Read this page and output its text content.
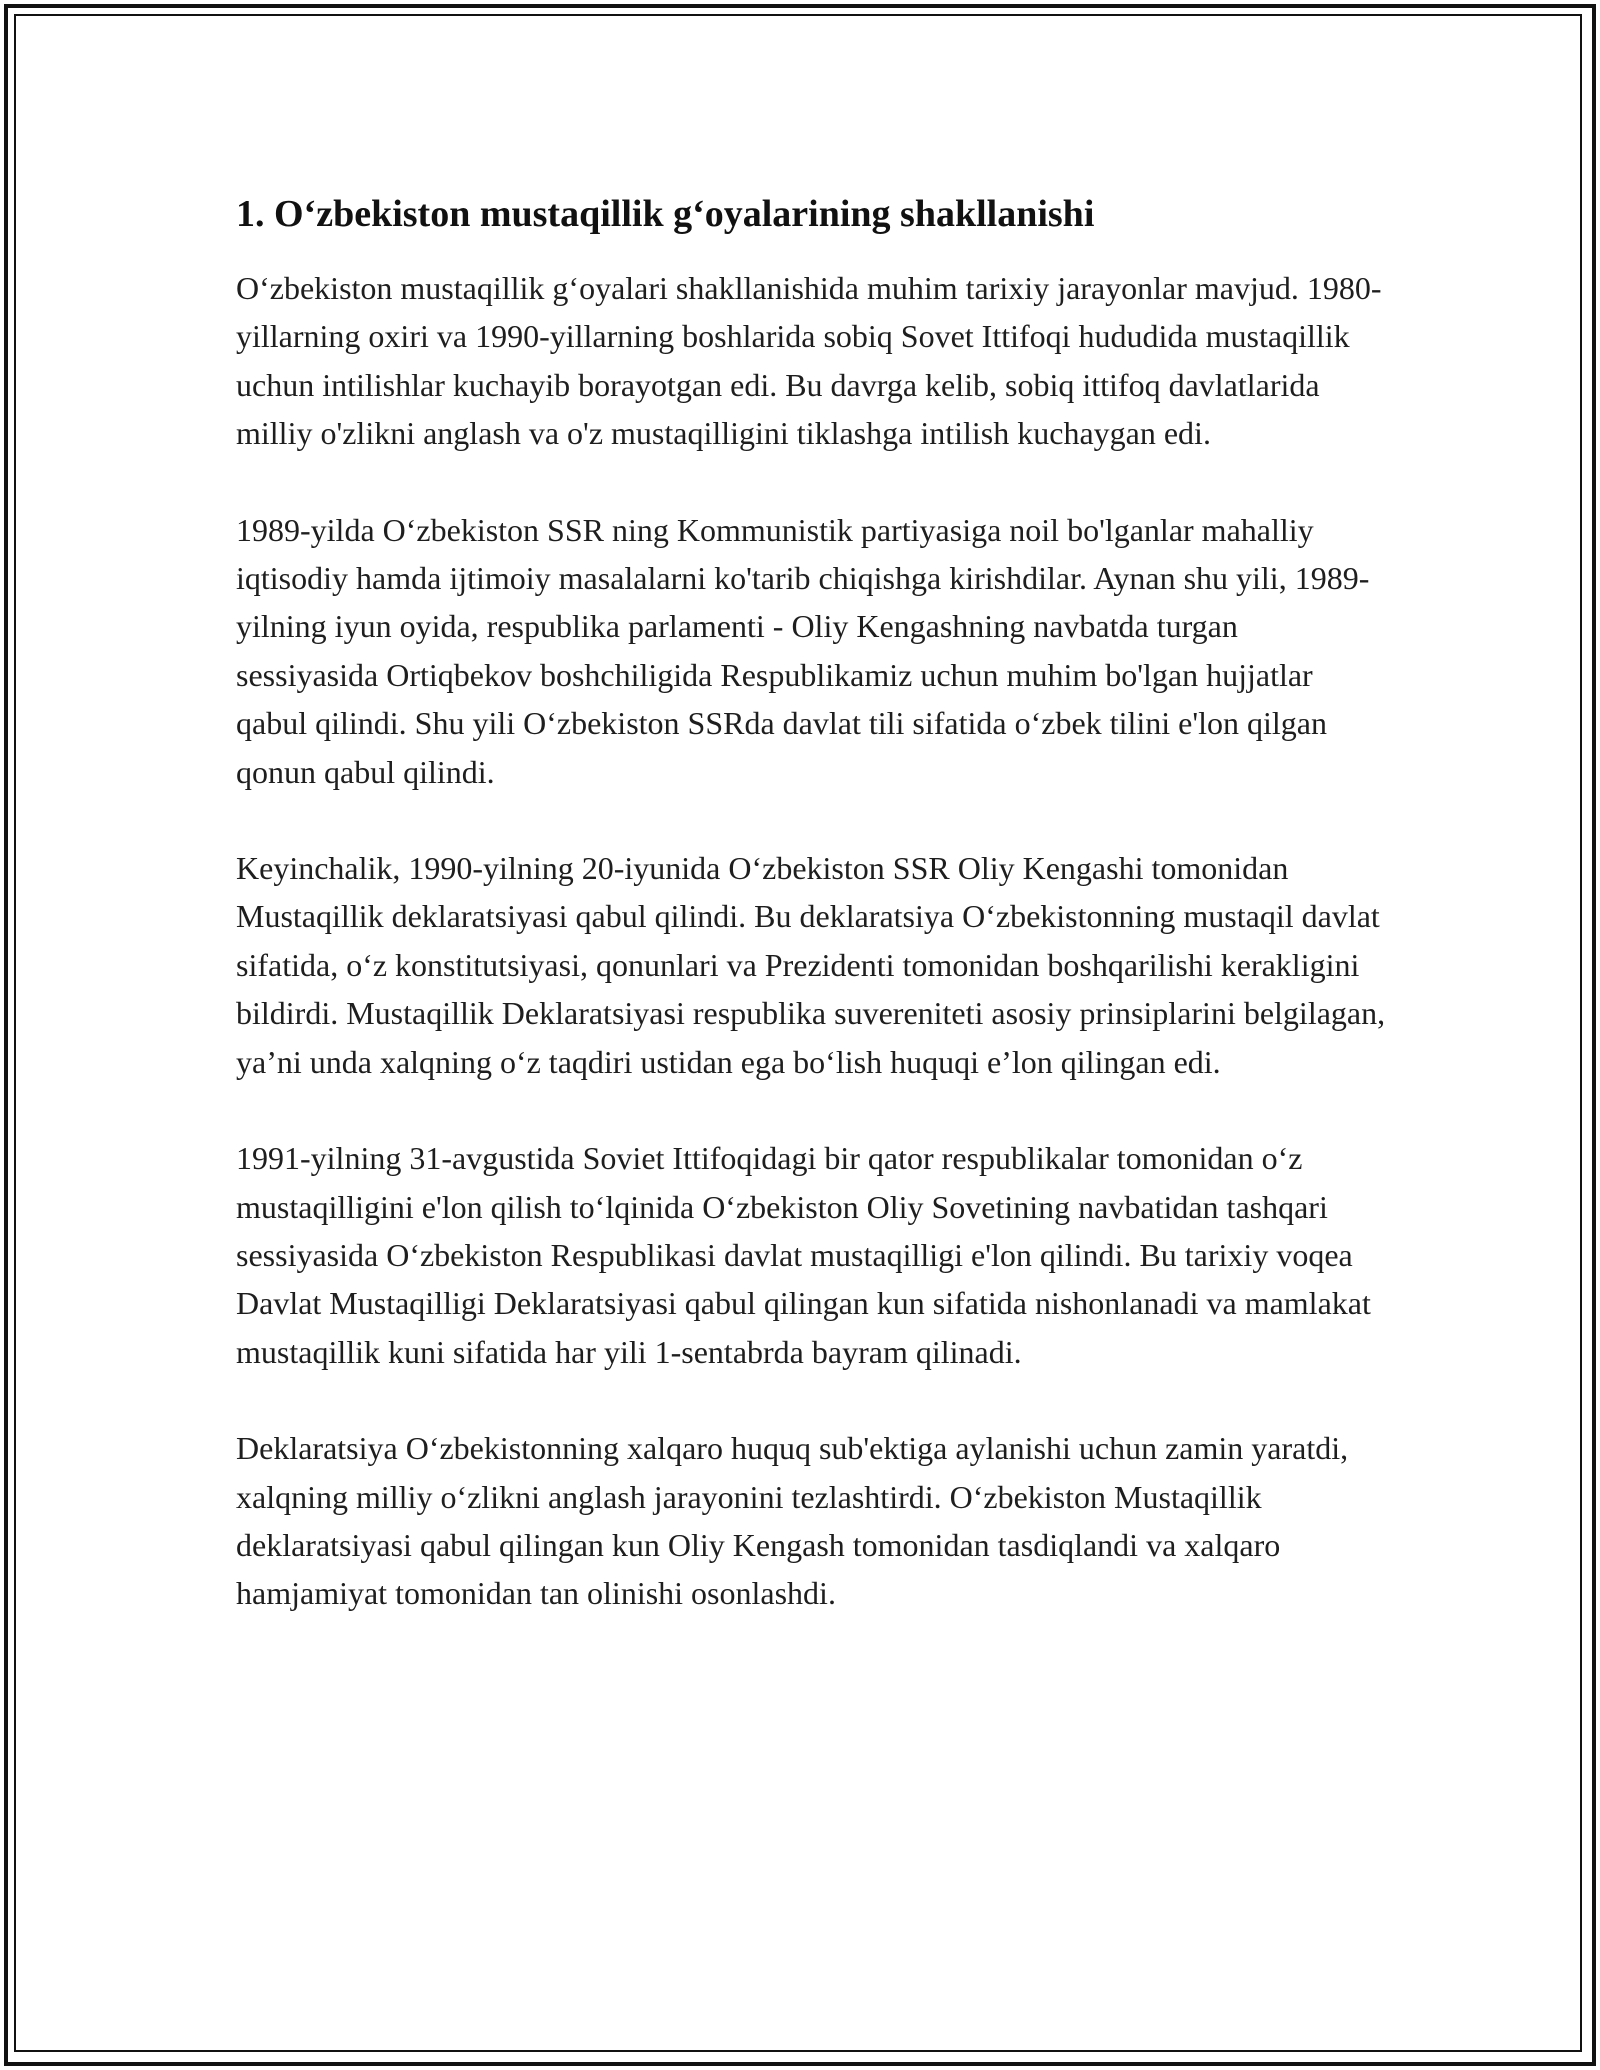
1. O‘zbekiston mustaqillik g‘oyalarining shakllanishi

O‘zbekiston mustaqillik g‘oyalari shakllanishida muhim tarixiy jarayonlar mavjud. 1980-yillarning oxiri va 1990-yillarning boshlarida sobiq Sovet Ittifoqi hududida mustaqillik uchun intilishlar kuchayib borayotgan edi. Bu davrga kelib, sobiq ittifoq davlatlarida milliy o'zlikni anglash va o'z mustaqilligini tiklashga intilish kuchaygan edi.

1989-yilda O‘zbekiston SSR ning Kommunistik partiyasiga noil bo'lganlar mahalliy iqtisodiy hamda ijtimoiy masalalarni ko'tarib chiqishga kirishdilar. Aynan shu yili, 1989-yilning iyun oyida, respublika parlamenti - Oliy Kengashning navbatda turgan sessiyasida Ortiqbekov boshchiligida Respublikamiz uchun muhim bo'lgan hujjatlar qabul qilindi. Shu yili O‘zbekiston SSRda davlat tili sifatida o‘zbek tilini e'lon qilgan qonun qabul qilindi.

Keyinchalik, 1990-yilning 20-iyunida O‘zbekiston SSR Oliy Kengashi tomonidan Mustaqillik deklaratsiyasi qabul qilindi. Bu deklaratsiya O‘zbekistonning mustaqil davlat sifatida, o‘z konstitutsiyasi, qonunlari va Prezidenti tomonidan boshqarilishi kerakligini bildirdi. Mustaqillik Deklaratsiyasi respublika suvereniteti asosiy prinsiplarini belgilagan, ya’ni unda xalqning o‘z taqdiri ustidan ega bo‘lish huquqi e’lon qilingan edi.

1991-yilning 31-avgustida Soviet Ittifoqidagi bir qator respublikalar tomonidan o‘z mustaqilligini e'lon qilish to‘lqinida O‘zbekiston Oliy Sovetining navbatidan tashqari sessiyasida O‘zbekiston Respublikasi davlat mustaqilligi e'lon qilindi. Bu tarixiy voqea Davlat Mustaqilligi Deklaratsiyasi qabul qilingan kun sifatida nishonlanadi va mamlakat mustaqillik kuni sifatida har yili 1-sentabrda bayram qilinadi.

Deklaratsiya O‘zbekistonning xalqaro huquq sub'ektiga aylanishi uchun zamin yaratdi, xalqning milliy o‘zlikni anglash jarayonini tezlashtirdi. O‘zbekiston Mustaqillik deklaratsiyasi qabul qilingan kun Oliy Kengash tomonidan tasdiqlandi va xalqaro hamjamiyat tomonidan tan olinishi osonlashdi.
